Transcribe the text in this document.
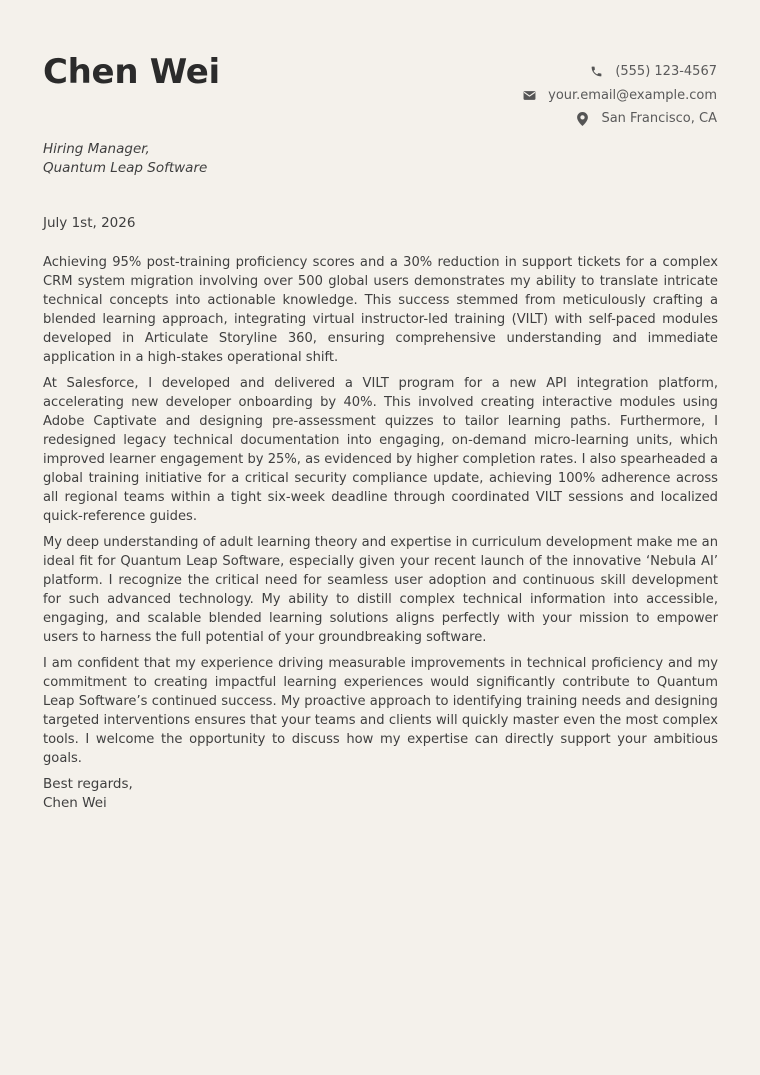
Chen Wei	(555) 123-4567
your.email@example.com
San Francisco, CA
Hiring Manager,
Quantum Leap Software
July 1st, 2026

Achieving 95% post-training proficiency scores and a 30% reduction in support tickets for a complex CRM system migration involving over 500 global users demonstrates my ability to translate intricate technical concepts into actionable knowledge. This success stemmed from meticulously crafting a blended learning approach, integrating virtual instructor-led training (VILT) with self-paced modules developed in Articulate Storyline 360, ensuring comprehensive understanding and immediate application in a high-stakes operational shift.

At Salesforce, I developed and delivered a VILT program for a new API integration platform, accelerating new developer onboarding by 40%. This involved creating interactive modules using Adobe Captivate and designing pre-assessment quizzes to tailor learning paths. Furthermore, I redesigned legacy technical documentation into engaging, on-demand micro-learning units, which improved learner engagement by 25%, as evidenced by higher completion rates. I also spearheaded a global training initiative for a critical security compliance update, achieving 100% adherence across all regional teams within a tight six-week deadline through coordinated VILT sessions and localized quick-reference guides.

My deep understanding of adult learning theory and expertise in curriculum development make me an ideal fit for Quantum Leap Software, especially given your recent launch of the innovative ‘Nebula AI’ platform. I recognize the critical need for seamless user adoption and continuous skill development for such advanced technology. My ability to distill complex technical information into accessible, engaging, and scalable blended learning solutions aligns perfectly with your mission to empower users to harness the full potential of your groundbreaking software.

I am confident that my experience driving measurable improvements in technical proficiency and my commitment to creating impactful learning experiences would significantly contribute to Quantum Leap Software’s continued success. My proactive approach to identifying training needs and designing targeted interventions ensures that your teams and clients will quickly master even the most complex tools. I welcome the opportunity to discuss how my expertise can directly support your ambitious goals.

Best regards,
Chen Wei
